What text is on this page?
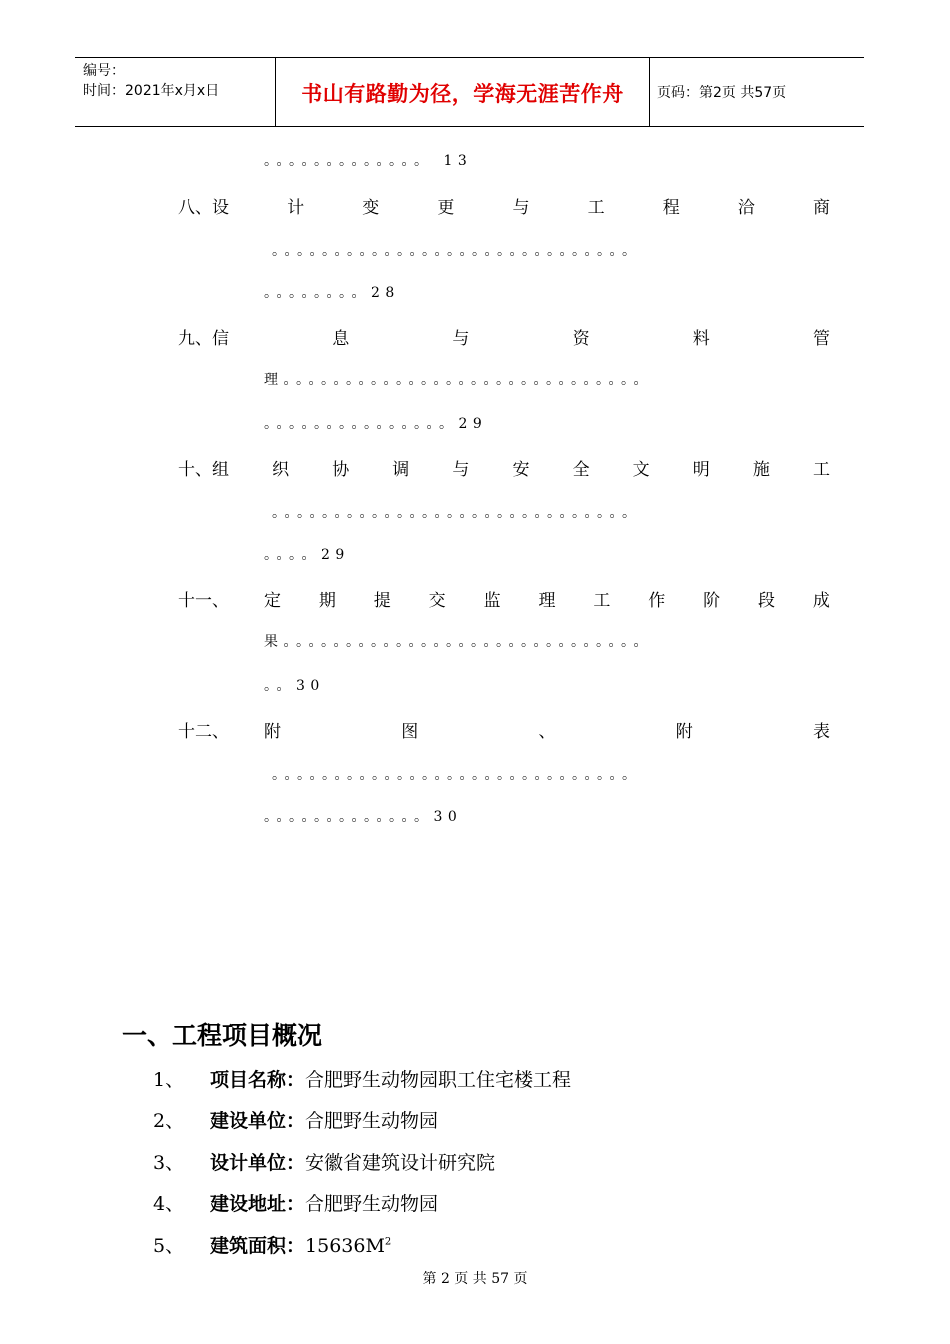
编号：
时间：2021年x月x日	书山有路勤为径，学海无涯苦作舟	页码：第2页 共57页
。。。。。。。。。。。。。 13
八、设	计	变	更	与	工	程	洽	商
。。。。。。。。。。。。。。。。。。。。。。。。。。。。。
。。。。。。。。28
九、信	息	与	资	料	管
理。。。。。。。。。。。。。。。。。。。。。。。。。。。。。
。。。。。。。。。。。。。。。29
十、组	织	协	调	与	安	全	文	明	施	工
。。。。。。。。。。。。。。。。。。。。。。。。。。。。。
。。。。29
十一、 定 期 提 交 监 理 工 作 阶 段 成
果。。。。。。。。。。。。。。。。。。。。。。。。。。。。。
。。30
十二、 附	图	、	附	表
。。。。。。。。。。。。。。。。。。。。。。。。。。。。。
。。。。。。。。。。。。。30
一、工程项目概况
1、 项目名称：合肥野生动物园职工住宅楼工程
2、 建设单位：合肥野生动物园
3、 设计单位：安徽省建筑设计研究院
4、 建设地址：合肥野生动物园
5、 建筑面积：$15636M^2$
第 2 页 共 57 页
